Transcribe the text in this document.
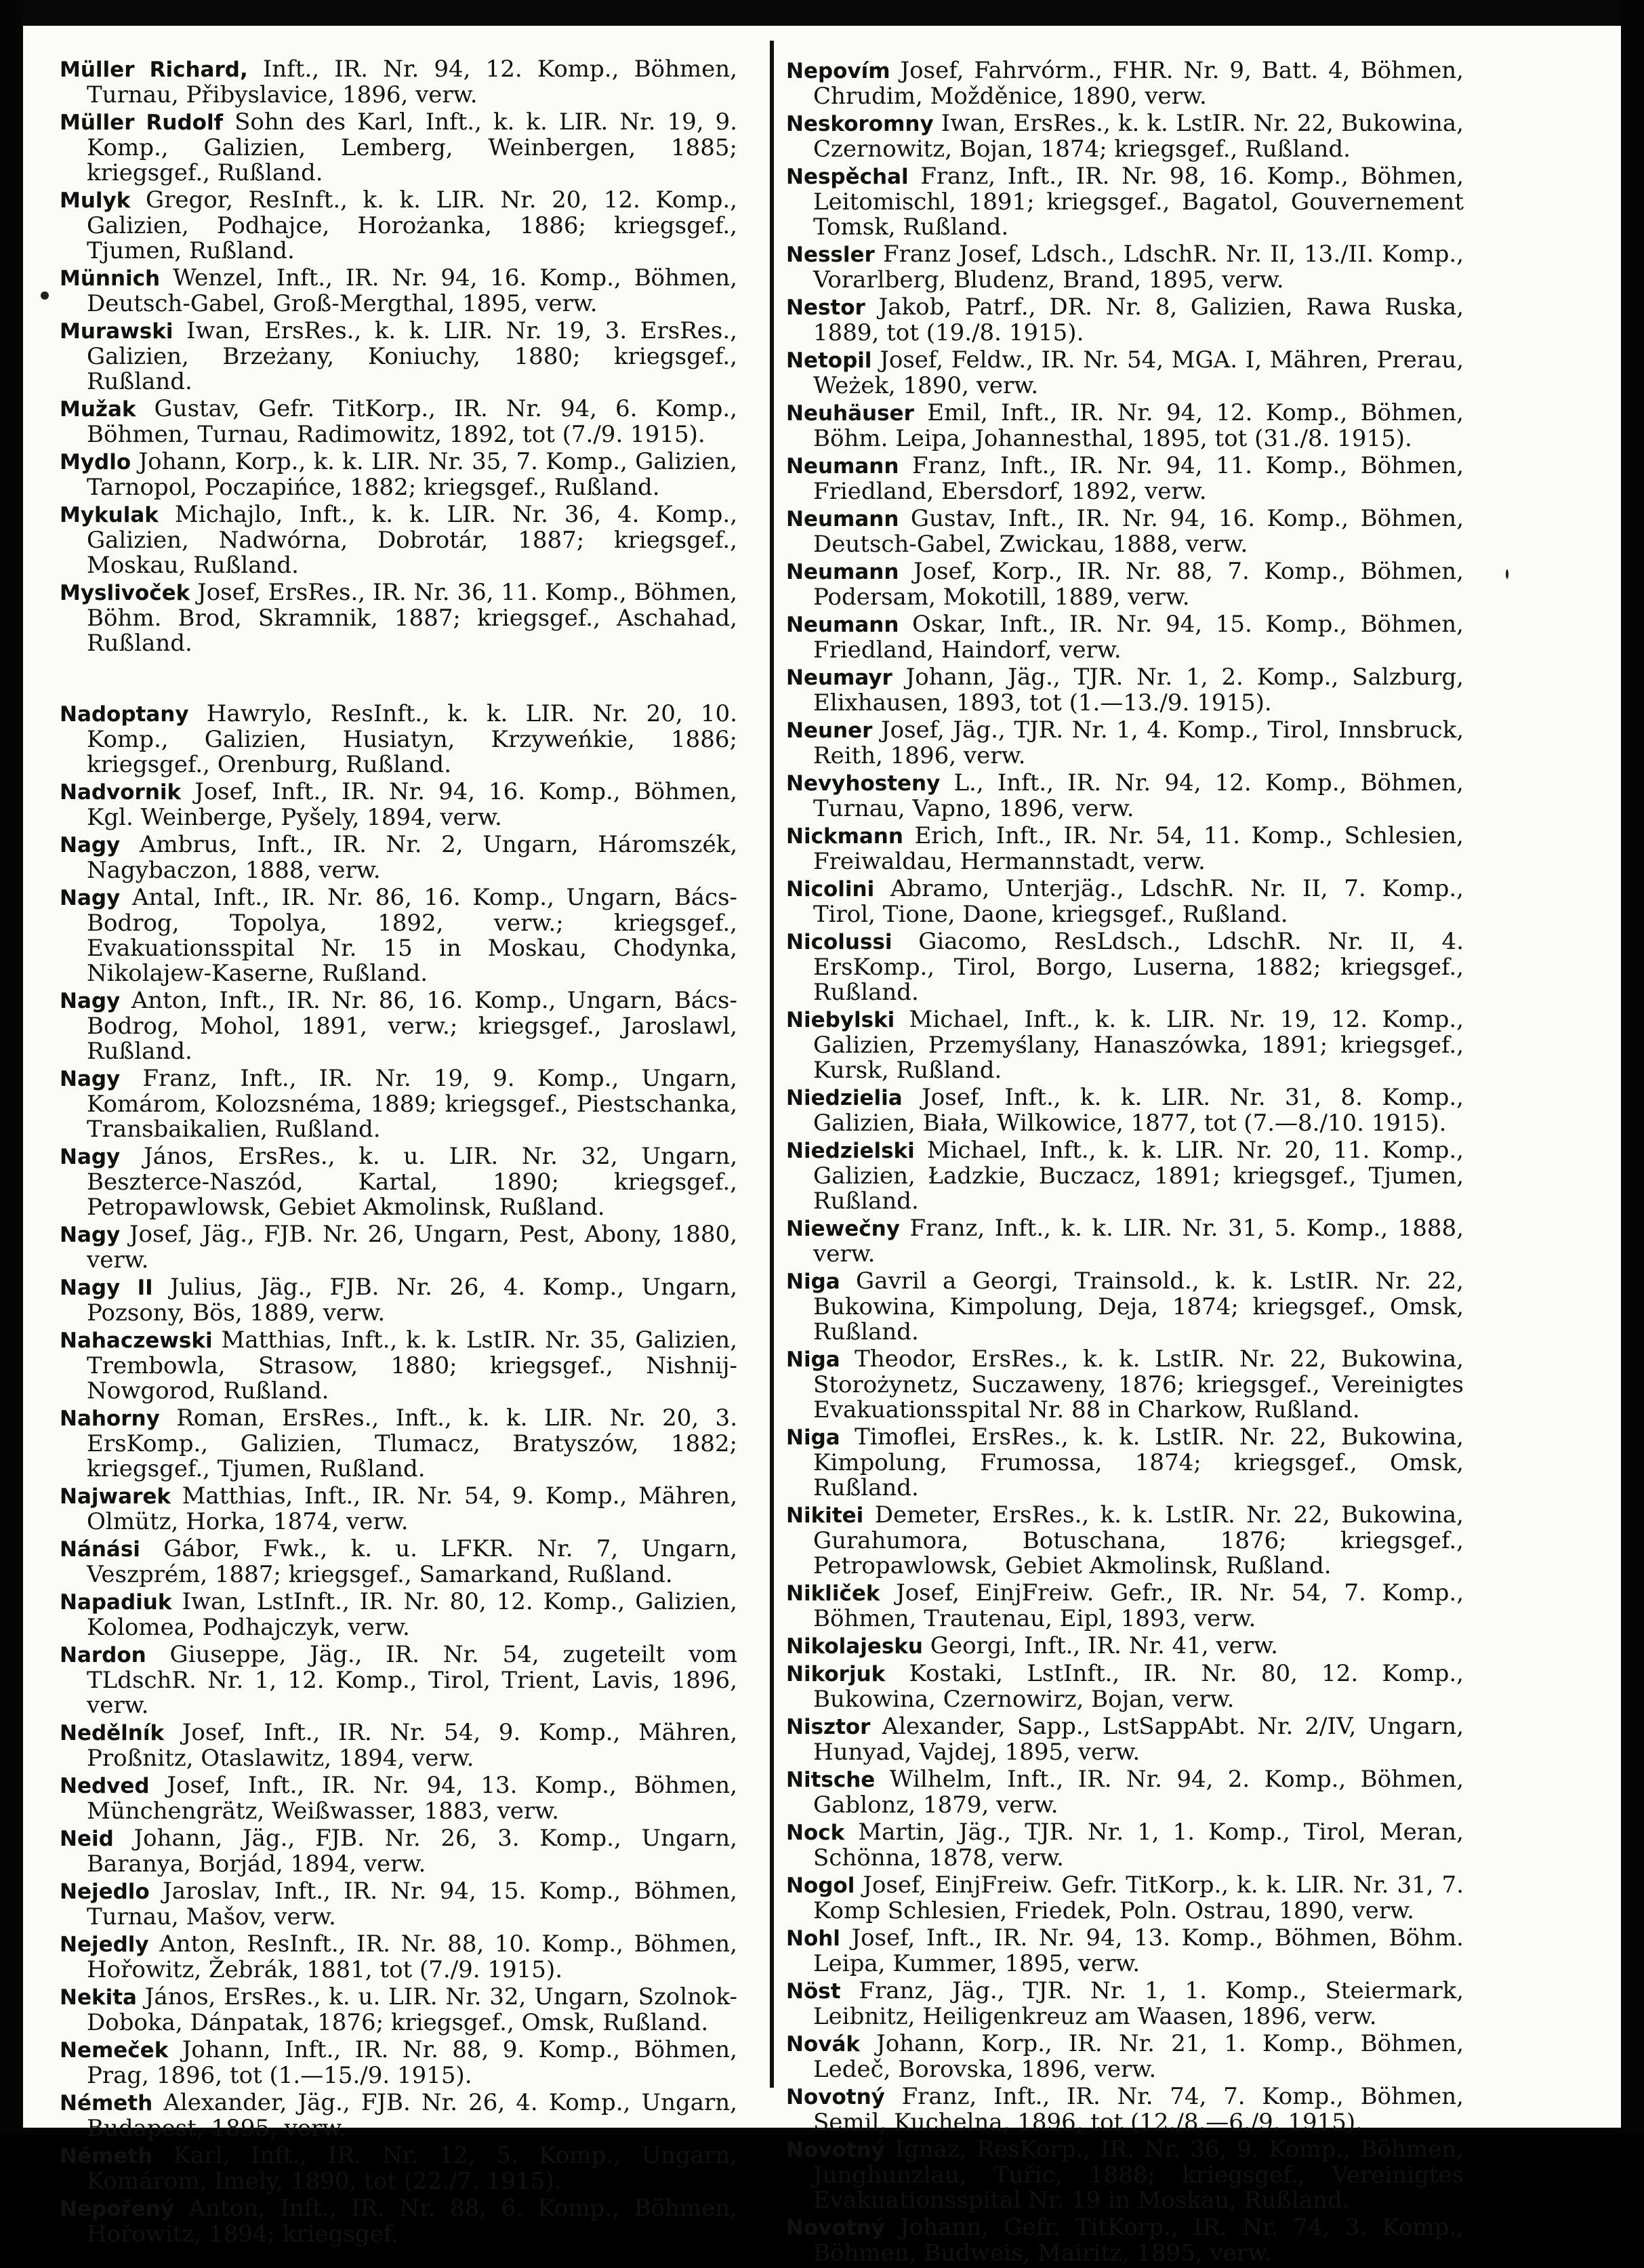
Müller Richard, Inft., IR. Nr. 94, 12. Komp., Böhmen, Turnau, Přibyslavice, 1896, verw.

Müller Rudolf Sohn des Karl, Inft., k. k. LIR. Nr. 19, 9. Komp., Galizien, Lemberg, Weinbergen, 1885; kriegsgef., Rußland.

Mulyk Gregor, ResInft., k. k. LIR. Nr. 20, 12. Komp., Galizien, Podhajce, Horożanka, 1886; kriegsgef., Tjumen, Rußland.

Münnich Wenzel, Inft., IR. Nr. 94, 16. Komp., Böhmen, Deutsch-Gabel, Groß-Mergthal, 1895, verw.

Murawski Iwan, ErsRes., k. k. LIR. Nr. 19, 3. ErsRes., Galizien, Brzeżany, Koniuchy, 1880; kriegsgef., Rußland.

Mužak Gustav, Gefr. TitKorp., IR. Nr. 94, 6. Komp., Böhmen, Turnau, Radimowitz, 1892, tot (7./9. 1915).

Mydlo Johann, Korp., k. k. LIR. Nr. 35, 7. Komp., Galizien, Tarnopol, Poczapińce, 1882; kriegsgef., Rußland.

Mykulak Michajlo, Inft., k. k. LIR. Nr. 36, 4. Komp., Galizien, Nadwórna, Dobrotár, 1887; kriegsgef., Moskau, Rußland.

Myslivoček Josef, ErsRes., IR. Nr. 36, 11. Komp., Böhmen, Böhm. Brod, Skramnik, 1887; kriegsgef., Aschahad, Rußland.

Nadoptany Hawrylo, ResInft., k. k. LIR. Nr. 20, 10. Komp., Galizien, Husiatyn, Krzyweńkie, 1886; kriegsgef., Orenburg, Rußland.

Nadvornik Josef, Inft., IR. Nr. 94, 16. Komp., Böhmen, Kgl. Weinberge, Pyšely, 1894, verw.

Nagy Ambrus, Inft., IR. Nr. 2, Ungarn, Háromszék, Nagybaczon, 1888, verw.

Nagy Antal, Inft., IR. Nr. 86, 16. Komp., Ungarn, Bács-Bodrog, Topolya, 1892, verw.; kriegsgef., Evakuationsspital Nr. 15 in Moskau, Chodynka, Nikolajew-Kaserne, Rußland.

Nagy Anton, Inft., IR. Nr. 86, 16. Komp., Ungarn, Bács-Bodrog, Mohol, 1891, verw.; kriegsgef., Jaroslawl, Rußland.

Nagy Franz, Inft., IR. Nr. 19, 9. Komp., Ungarn, Komárom, Kolozsnéma, 1889; kriegsgef., Piestschanka, Transbaikalien, Rußland.

Nagy János, ErsRes., k. u. LIR. Nr. 32, Ungarn, Beszterce-Naszód, Kartal, 1890; kriegsgef., Petropawlowsk, Gebiet Akmolinsk, Rußland.

Nagy Josef, Jäg., FJB. Nr. 26, Ungarn, Pest, Abony, 1880, verw.

Nagy II Julius, Jäg., FJB. Nr. 26, 4. Komp., Ungarn, Pozsony, Bös, 1889, verw.

Nahaczewski Matthias, Inft., k. k. LstIR. Nr. 35, Galizien, Trembowla, Strasow, 1880; kriegsgef., Nishnij-Nowgorod, Rußland.

Nahorny Roman, ErsRes., Inft., k. k. LIR. Nr. 20, 3. ErsKomp., Galizien, Tlumacz, Bratyszów, 1882; kriegsgef., Tjumen, Rußland.

Najwarek Matthias, Inft., IR. Nr. 54, 9. Komp., Mähren, Olmütz, Horka, 1874, verw.

Nánási Gábor, Fwk., k. u. LFKR. Nr. 7, Ungarn, Veszprém, 1887; kriegsgef., Samarkand, Rußland.

Napadiuk Iwan, LstInft., IR. Nr. 80, 12. Komp., Galizien, Kolomea, Podhajczyk, verw.

Nardon Giuseppe, Jäg., IR. Nr. 54, zugeteilt vom TLdschR. Nr. 1, 12. Komp., Tirol, Trient, Lavis, 1896, verw.

Nedělník Josef, Inft., IR. Nr. 54, 9. Komp., Mähren, Proßnitz, Otaslawitz, 1894, verw.

Nedved Josef, Inft., IR. Nr. 94, 13. Komp., Böhmen, Münchengrätz, Weißwasser, 1883, verw.

Neid Johann, Jäg., FJB. Nr. 26, 3. Komp., Ungarn, Baranya, Borjád, 1894, verw.

Nejedlo Jaroslav, Inft., IR. Nr. 94, 15. Komp., Böhmen, Turnau, Mašov, verw.

Nejedly Anton, ResInft., IR. Nr. 88, 10. Komp., Böhmen, Hořowitz, Žebrák, 1881, tot (7./9. 1915).

Nekita János, ErsRes., k. u. LIR. Nr. 32, Ungarn, Szolnok-Doboka, Dánpatak, 1876; kriegsgef., Omsk, Rußland.

Nemeček Johann, Inft., IR. Nr. 88, 9. Komp., Böhmen, Prag, 1896, tot (1.—15./9. 1915).

Németh Alexander, Jäg., FJB. Nr. 26, 4. Komp., Ungarn, Budapest, 1895, verw.

Németh Karl, Inft., IR. Nr. 12, 5. Komp., Ungarn, Komárom, Imely, 1890, tot (22./7. 1915).

Nepořený Anton, Inft., IR. Nr. 88, 6. Komp., Böhmen, Hořowitz, 1894; kriegsgef.

Nepovím Josef, Fahrvórm., FHR. Nr. 9, Batt. 4, Böhmen, Chrudim, Možděnice, 1890, verw.

Neskoromny Iwan, ErsRes., k. k. LstIR. Nr. 22, Bukowina, Czernowitz, Bojan, 1874; kriegsgef., Rußland.

Nespěchal Franz, Inft., IR. Nr. 98, 16. Komp., Böhmen, Leitomischl, 1891; kriegsgef., Bagatol, Gouvernement Tomsk, Rußland.

Nessler Franz Josef, Ldsch., LdschR. Nr. II, 13./II. Komp., Vorarlberg, Bludenz, Brand, 1895, verw.

Nestor Jakob, Patrf., DR. Nr. 8, Galizien, Rawa Ruska, 1889, tot (19./8. 1915).

Netopil Josef, Feldw., IR. Nr. 54, MGA. I, Mähren, Prerau, Weżek, 1890, verw.

Neuhäuser Emil, Inft., IR. Nr. 94, 12. Komp., Böhmen, Böhm. Leipa, Johannesthal, 1895, tot (31./8. 1915).

Neumann Franz, Inft., IR. Nr. 94, 11. Komp., Böhmen, Friedland, Ebersdorf, 1892, verw.

Neumann Gustav, Inft., IR. Nr. 94, 16. Komp., Böhmen, Deutsch-Gabel, Zwickau, 1888, verw.

Neumann Josef, Korp., IR. Nr. 88, 7. Komp., Böhmen, Podersam, Mokotill, 1889, verw.

Neumann Oskar, Inft., IR. Nr. 94, 15. Komp., Böhmen, Friedland, Haindorf, verw.

Neumayr Johann, Jäg., TJR. Nr. 1, 2. Komp., Salzburg, Elixhausen, 1893, tot (1.—13./9. 1915).

Neuner Josef, Jäg., TJR. Nr. 1, 4. Komp., Tirol, Innsbruck, Reith, 1896, verw.

Nevyhosteny L., Inft., IR. Nr. 94, 12. Komp., Böhmen, Turnau, Vapno, 1896, verw.

Nickmann Erich, Inft., IR. Nr. 54, 11. Komp., Schlesien, Freiwaldau, Hermannstadt, verw.

Nicolini Abramo, Unterjäg., LdschR. Nr. II, 7. Komp., Tirol, Tione, Daone, kriegsgef., Rußland.

Nicolussi Giacomo, ResLdsch., LdschR. Nr. II, 4. ErsKomp., Tirol, Borgo, Luserna, 1882; kriegsgef., Rußland.

Niebylski Michael, Inft., k. k. LIR. Nr. 19, 12. Komp., Galizien, Przemyślany, Hanaszówka, 1891; kriegsgef., Kursk, Rußland.

Niedzielia Josef, Inft., k. k. LIR. Nr. 31, 8. Komp., Galizien, Biała, Wilkowice, 1877, tot (7.—8./10. 1915).

Niedzielski Michael, Inft., k. k. LIR. Nr. 20, 11. Komp., Galizien, Ładzkie, Buczacz, 1891; kriegsgef., Tjumen, Rußland.

Niewečny Franz, Inft., k. k. LIR. Nr. 31, 5. Komp., 1888, verw.

Niga Gavril a Georgi, Trainsold., k. k. LstIR. Nr. 22, Bukowina, Kimpolung, Deja, 1874; kriegsgef., Omsk, Rußland.

Niga Theodor, ErsRes., k. k. LstIR. Nr. 22, Bukowina, Storożynetz, Suczaweny, 1876; kriegsgef., Vereinigtes Evakuationsspital Nr. 88 in Charkow, Rußland.

Niga Timoflei, ErsRes., k. k. LstIR. Nr. 22, Bukowina, Kimpolung, Frumossa, 1874; kriegsgef., Omsk, Rußland.

Nikitei Demeter, ErsRes., k. k. LstIR. Nr. 22, Bukowina, Gurahumora, Botuschana, 1876; kriegsgef., Petropawlowsk, Gebiet Akmolinsk, Rußland.

Nikliček Josef, EinjFreiw. Gefr., IR. Nr. 54, 7. Komp., Böhmen, Trautenau, Eipl, 1893, verw.

Nikolajesku Georgi, Inft., IR. Nr. 41, verw.

Nikorjuk Kostaki, LstInft., IR. Nr. 80, 12. Komp., Bukowina, Czernowirz, Bojan, verw.

Nisztor Alexander, Sapp., LstSappAbt. Nr. 2/IV, Ungarn, Hunyad, Vajdej, 1895, verw.

Nitsche Wilhelm, Inft., IR. Nr. 94, 2. Komp., Böhmen, Gablonz, 1879, verw.

Nock Martin, Jäg., TJR. Nr. 1, 1. Komp., Tirol, Meran, Schönna, 1878, verw.

Nogol Josef, EinjFreiw. Gefr. TitKorp., k. k. LIR. Nr. 31, 7. Komp Schlesien, Friedek, Poln. Ostrau, 1890, verw.

Nohl Josef, Inft., IR. Nr. 94, 13. Komp., Böhmen, Böhm. Leipa, Kummer, 1895, verw.

Nöst Franz, Jäg., TJR. Nr. 1, 1. Komp., Steiermark, Leibnitz, Heiligenkreuz am Waasen, 1896, verw.

Novák Johann, Korp., IR. Nr. 21, 1. Komp., Böhmen, Ledeč, Borovska, 1896, verw.

Novotný Franz, Inft., IR. Nr. 74, 7. Komp., Böhmen, Semil, Kuchelna, 1896, tot (12./8.—6./9. 1915).

Novotný Ignaz, ResKorp., IR. Nr. 36, 9. Komp., Böhmen, Junghunzlau, Tuřic, 1888; kriegsgef., Vereinigtes Evakuationsspital Nr. 19 in Moskau, Rußland.

Novotný Johann, Gefr. TitKorp., IR. Nr. 74, 3. Komp., Böhmen, Budweis, Mairitz, 1895, verw.
